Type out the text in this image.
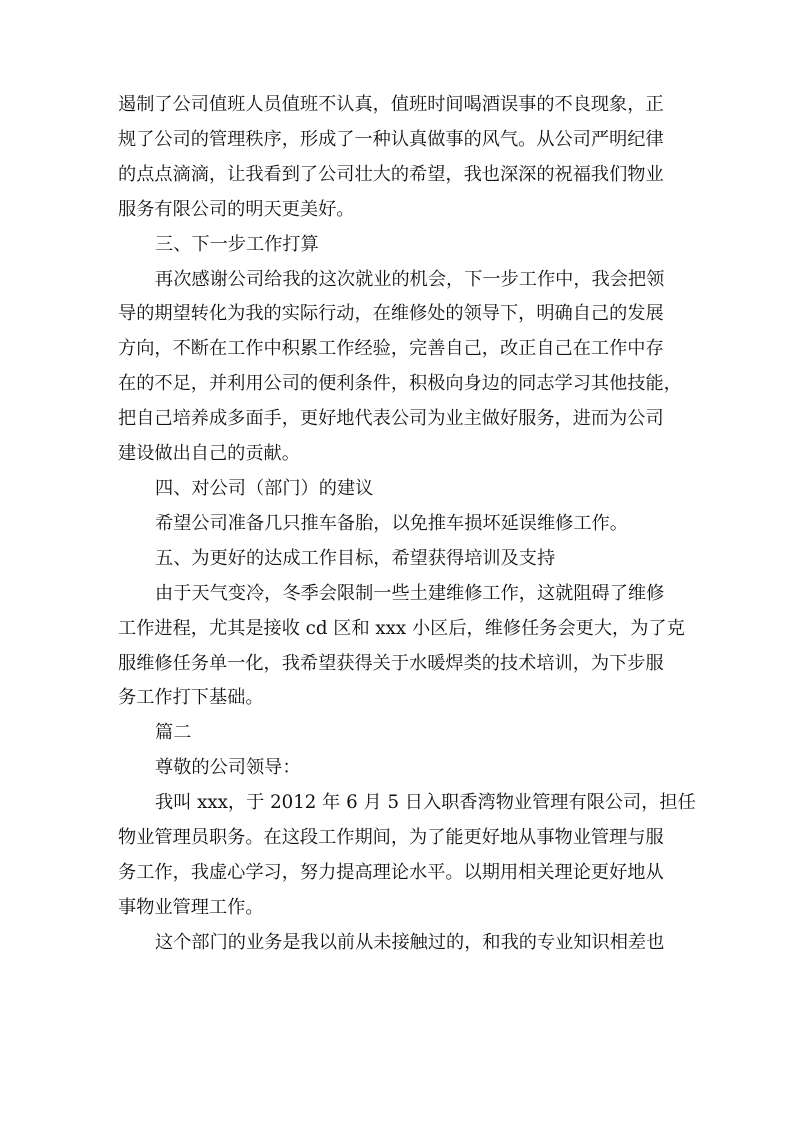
遏制了公司值班人员值班不认真，值班时间喝酒误事的不良现象，正

规了公司的管理秩序，形成了一种认真做事的风气。从公司严明纪律

的点点滴滴，让我看到了公司壮大的希望，我也深深的祝福我们物业

服务有限公司的明天更美好。

三、下一步工作打算

再次感谢公司给我的这次就业的机会，下一步工作中，我会把领

导的期望转化为我的实际行动，在维修处的领导下，明确自己的发展

方向，不断在工作中积累工作经验，完善自己，改正自己在工作中存

在的不足，并利用公司的便利条件，积极向身边的同志学习其他技能，

把自己培养成多面手，更好地代表公司为业主做好服务，进而为公司

建设做出自己的贡献。

四、对公司（部门）的建议

希望公司准备几只推车备胎，以免推车损坏延误维修工作。

五、为更好的达成工作目标，希望获得培训及支持

由于天气变冷，冬季会限制一些土建维修工作，这就阻碍了维修

工作进程，尤其是接收 cd 区和 xxx 小区后，维修任务会更大，为了克

服维修任务单一化，我希望获得关于水暖焊类的技术培训，为下步服

务工作打下基础。

篇二

尊敬的公司领导：

我叫 xxx，于 2012 年 6 月 5 日入职香湾物业管理有限公司，担任

物业管理员职务。在这段工作期间，为了能更好地从事物业管理与服

务工作，我虚心学习，努力提高理论水平。以期用相关理论更好地从

事物业管理工作。

这个部门的业务是我以前从未接触过的，和我的专业知识相差也
